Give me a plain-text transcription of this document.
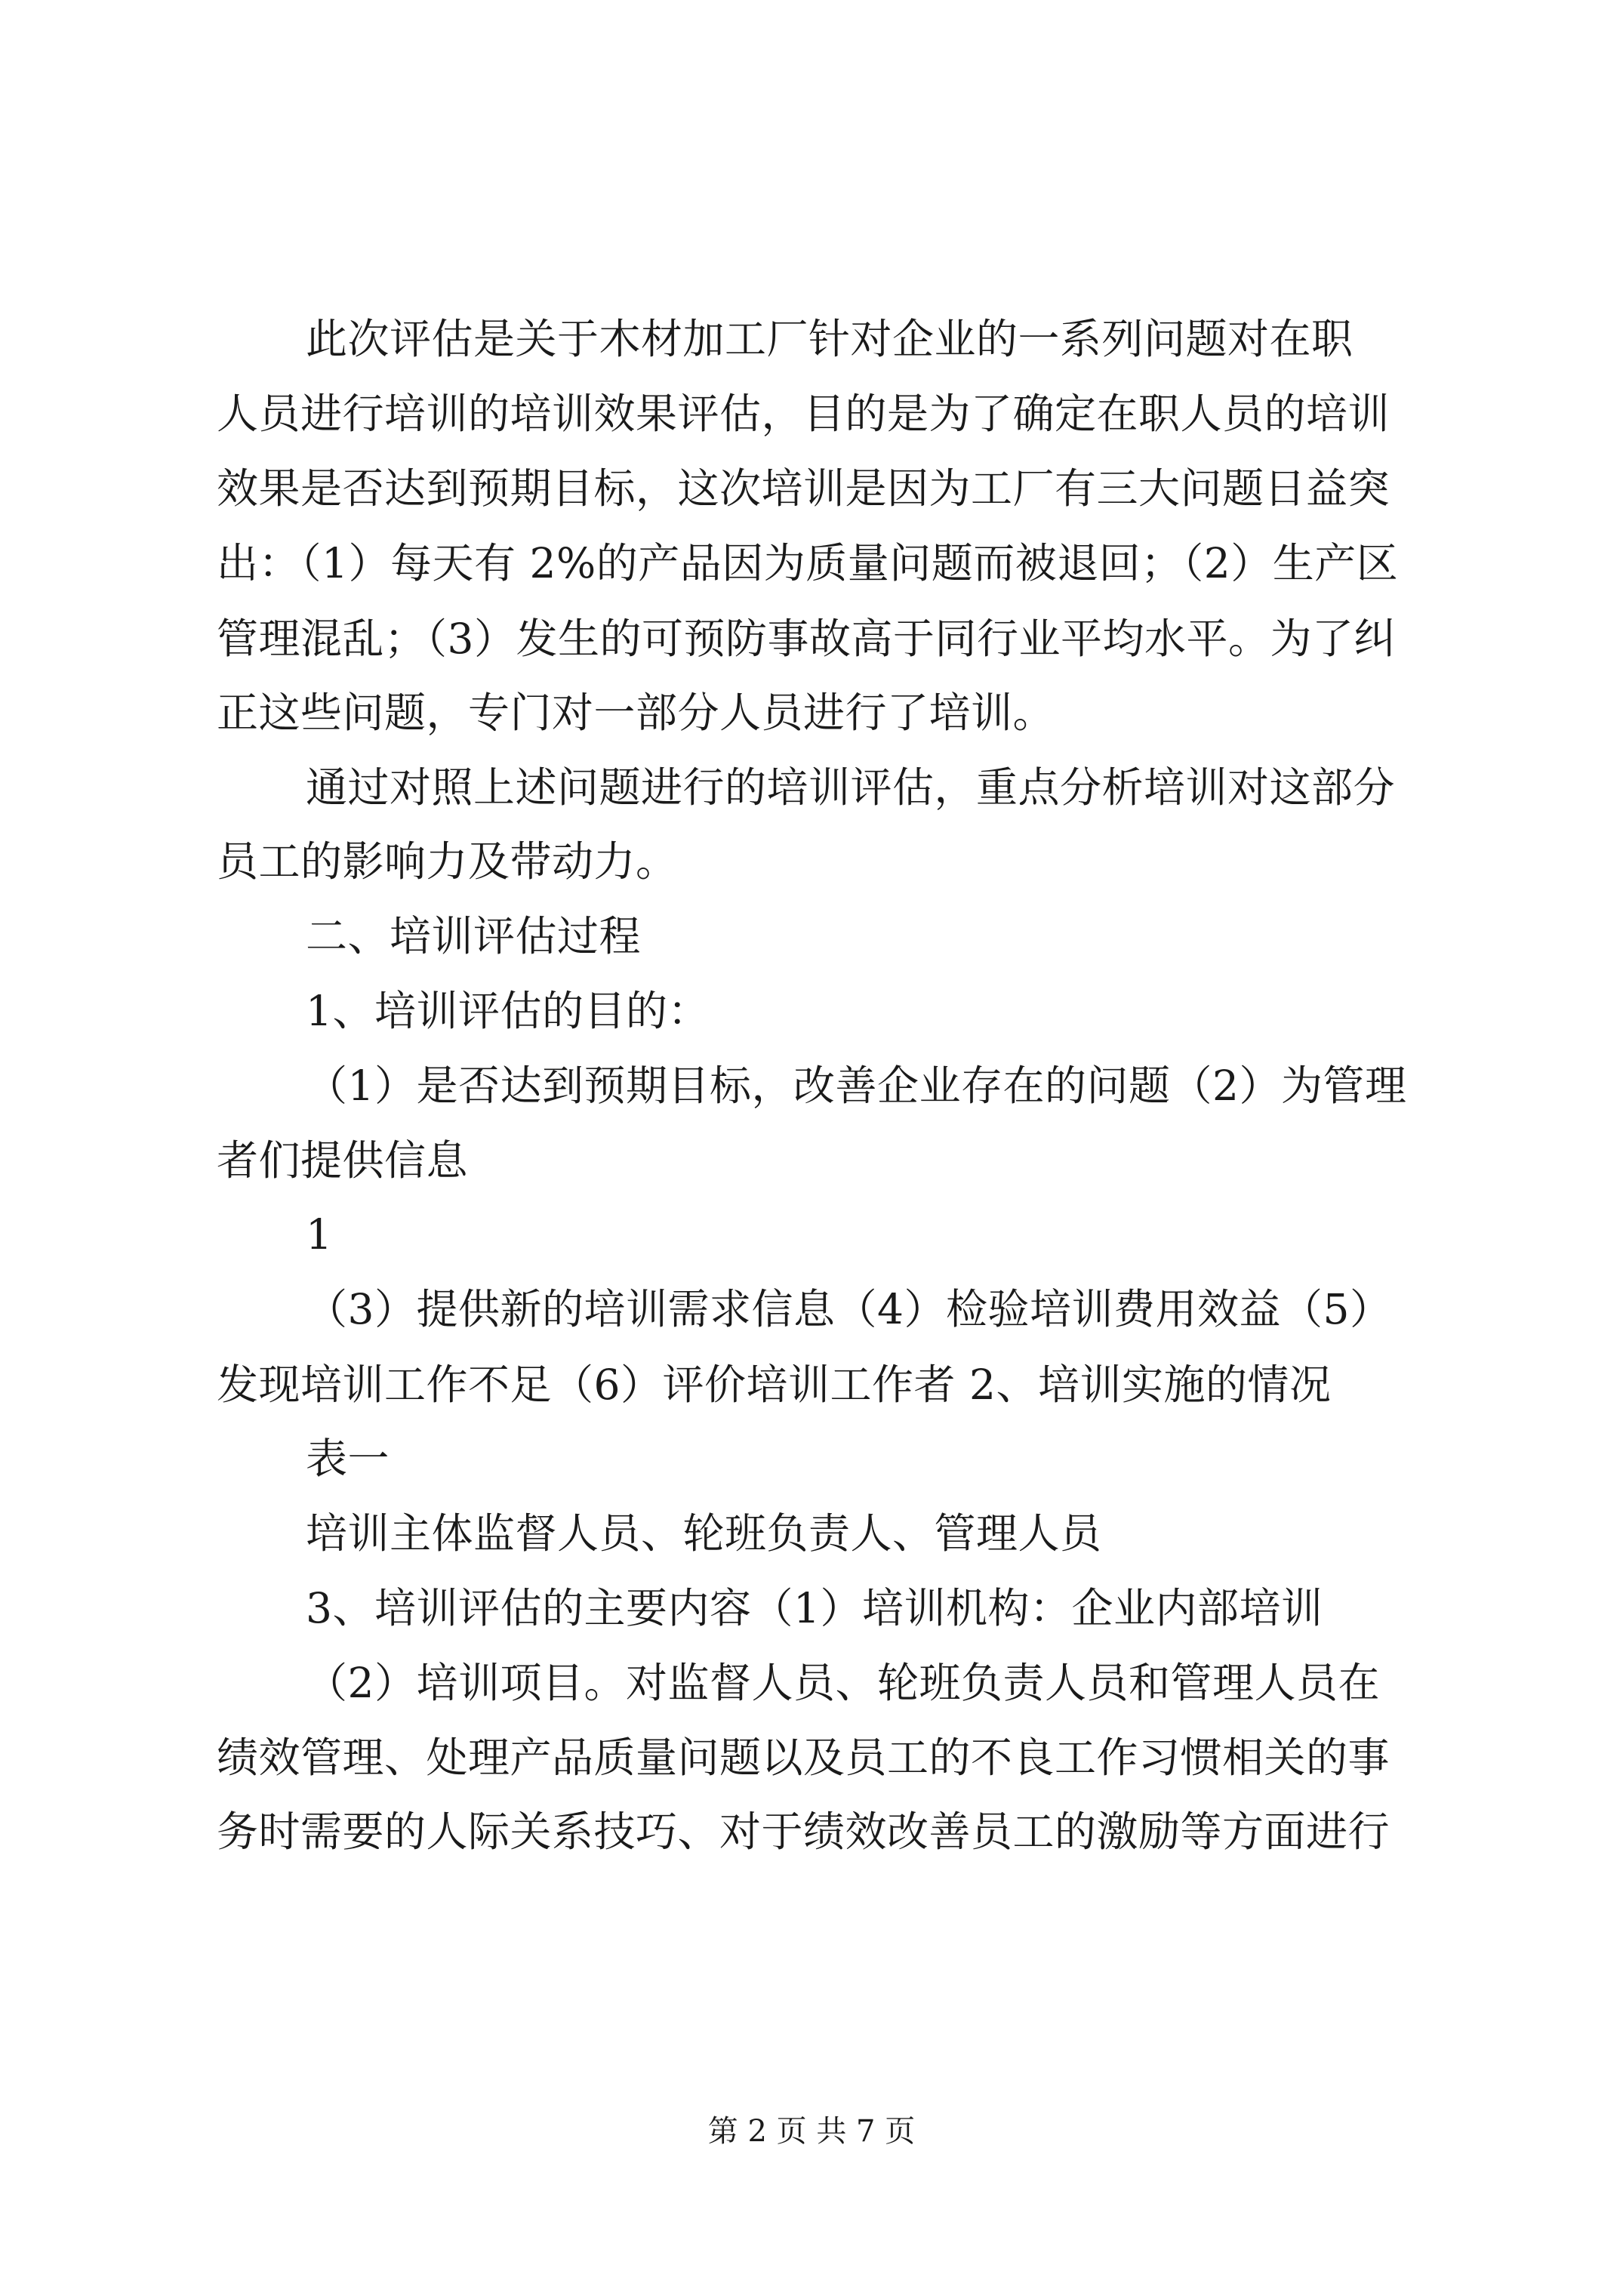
此次评估是关于木材加工厂针对企业的一系列问题对在职
人员进行培训的培训效果评估，目的是为了确定在职人员的培训
效果是否达到预期目标，这次培训是因为工厂有三大问题日益突
出：（1）每天有 2%的产品因为质量问题而被退回；（2）生产区
管理混乱；（3）发生的可预防事故高于同行业平均水平。为了纠
正这些问题，专门对一部分人员进行了培训。
通过对照上述问题进行的培训评估，重点分析培训对这部分
员工的影响力及带动力。
二、培训评估过程
1、培训评估的目的：
（1）是否达到预期目标，改善企业存在的问题（2）为管理
者们提供信息
1
（3）提供新的培训需求信息（4）检验培训费用效益（5）
发现培训工作不足（6）评价培训工作者 2、培训实施的情况
表一
培训主体监督人员、轮班负责人、管理人员
3、培训评估的主要内容（1）培训机构：企业内部培训
（2）培训项目。对监督人员、轮班负责人员和管理人员在
绩效管理、处理产品质量问题以及员工的不良工作习惯相关的事
务时需要的人际关系技巧、对于绩效改善员工的激励等方面进行
第 2 页 共 7 页
